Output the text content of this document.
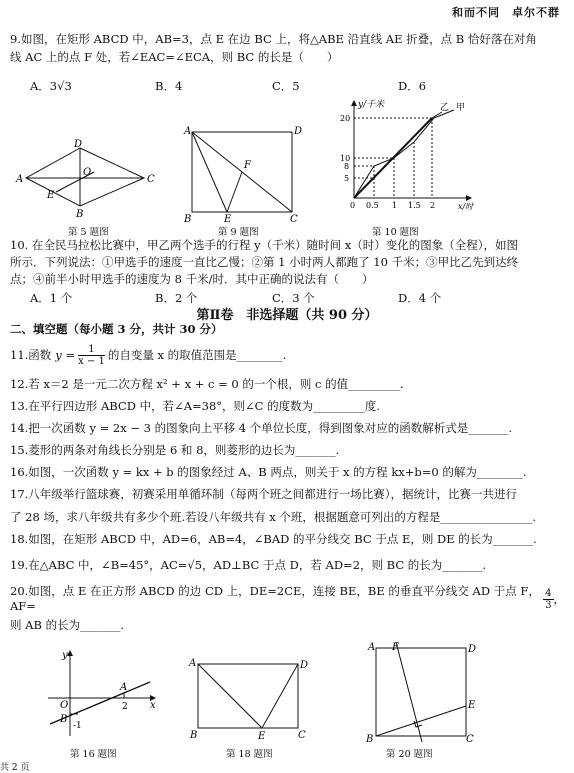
和而不同　卓尔不群
9.如图，在矩形 ABCD 中，AB=3，点 E 在边 BC 上，将△ABE 沿直线 AE 折叠，点 B 恰好落在对角
线 AC 上的点 F 处，若∠EAC=∠ECA，则 BC 的长是（　　）
A．3√3	B．4	C．5	D．6
D
O
A	C
E
B
第 5 题图
A	D
F
B	E	C
第 9 题图
y/千米
x/时
20
10
8
5
0 0.5 1 1.5 2
乙 甲
第 10 题图
10. 在全民马拉松比赛中，甲乙两个选手的行程 y（千米）随时间 x（时）变化的图象（全程），如图
所示．下列说法：①甲选手的速度一直比乙慢；②第 1 小时两人都跑了 10 千米；③甲比乙先到达终
点；④前半小时甲选手的速度为 8 千米/时．其中正确的说法有（　　）
A．1 个	B．2 个	C．3 个	D．4 个
第Ⅱ卷　非选择题（共 90 分）
二、填空题（每小题 3 分，共计 30 分）
11.函数 $y = \frac{1}{x - 1}$ 的自变量 x 的取值范围是________.
12.若 x＝2 是一元二次方程 x² + x + c = 0 的一个根，则 c 的值_________.
13.在平行四边形 ABCD 中，若∠A=38°，则∠C 的度数为_________度.
14.把一次函数 y = 2x − 3 的图象向上平移 4 个单位长度，得到图象对应的函数解析式是_______.
15.菱形的两条对角线长分别是 6 和 8，则菱形的边长为_______.
16.如图，一次函数 y = kx + b 的图象经过 A、B 两点，则关于 x 的方程 kx+b=0 的解为________.
17.八年级举行篮球赛，初赛采用单循环制（每两个班之间都进行一场比赛），据统计，比赛一共进行
了 28 场，求八年级共有多少个班.若设八年级共有 x 个班，根据题意可列出的方程是________________.
18.如图，在矩形 ABCD 中，AD=6，AB=4，∠BAD 的平分线交 BC 于点 E，则 DE 的长为_______.
19.在△ABC 中，∠B=45°，AC=√5，AD⊥BC 于点 D，若 AD=2，则 BC 的长为_______.
20.如图，点 E 在正方形 ABCD 的边 CD 上，DE=2CE，连接 BE，BE 的垂直平分线交 AD 于点 F，AF=	$\frac{4}{3}$ ，
则 AB 的长为_______.
y
x
O
A
2
B
-1
第 16 题图
A	D
B	E	C
第 18 题图
A F	D
E
B	C
第 20 题图
共 2 页
